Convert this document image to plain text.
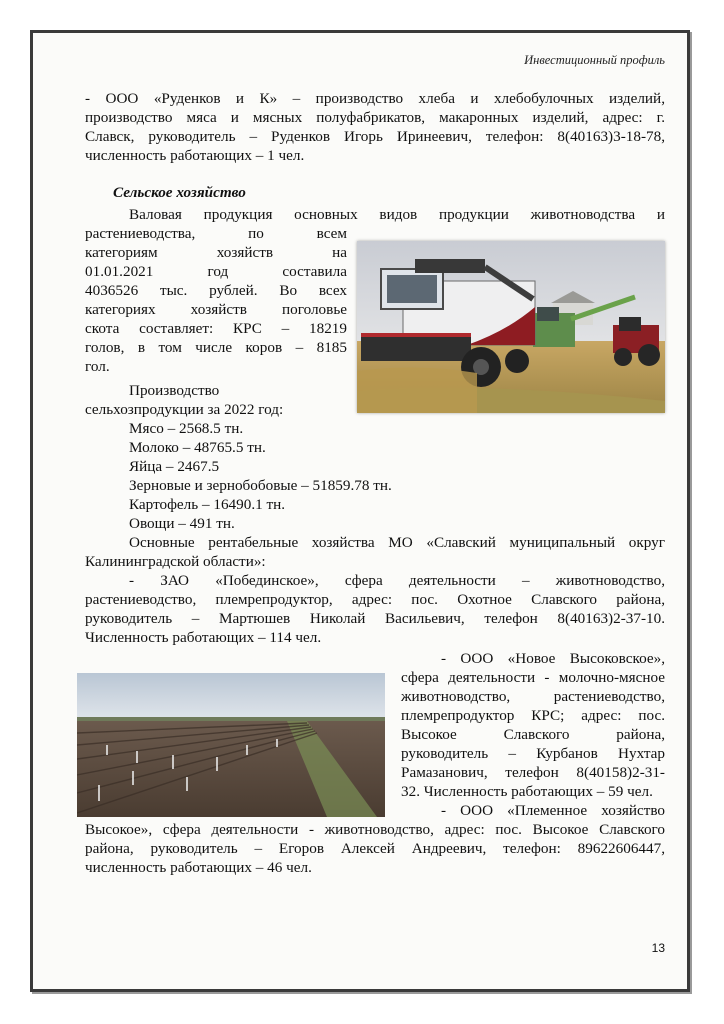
Инвестиционный профиль
- ООО «Руденков и К» – производство хлеба и хлебобулочных изделий,
производство мяса и мясных полуфабрикатов, макаронных изделий, адрес: г.
Славск, руководитель – Руденков Игорь Иринеевич, телефон: 8(40163)3-18-78,
численность работающих – 1 чел.
Сельское хозяйство
Валовая продукция основных видов продукции животноводства и
растениеводства, по всем
категориям хозяйств на
01.01.2021 год составила
4036526 тыс. рублей. Во всех
категориях хозяйств поголовье
скота составляет: КРС – 18219
голов, в том числе коров – 8185
гол.
Производство
сельхозпродукции за 2022 год:
Мясо – 2568.5 тн.
Молоко – 48765.5 тн.
Яйца – 2467.5
Зерновые и зернобобовые – 51859.78 тн.
Картофель – 16490.1 тн.
Овощи – 491 тн.
Основные рентабельные хозяйства МО «Славский муниципальный округ
Калининградской области»:
- ЗАО «Побединское», сфера деятельности – животноводство,
растениеводство, племрепродуктор, адрес: пос. Охотное Славского района,
руководитель – Мартюшев Николай Васильевич, телефон 8(40163)2-37-10.
Численность работающих – 114 чел.
- ООО «Новое Высоковское»,
сфера деятельности - молочно-мясное
животноводство, растениеводство,
племрепродуктор КРС; адрес: пос.
Высокое Славского района,
руководитель – Курбанов Нухтар
Рамазанович, телефон 8(40158)2-31-
32. Численность работающих – 59 чел.
- ООО «Племенное хозяйство
Высокое», сфера деятельности - животноводство, адрес: пос. Высокое Славского
района, руководитель – Егоров Алексей Андреевич, телефон: 89622606447,
численность работающих – 46 чел.
13
